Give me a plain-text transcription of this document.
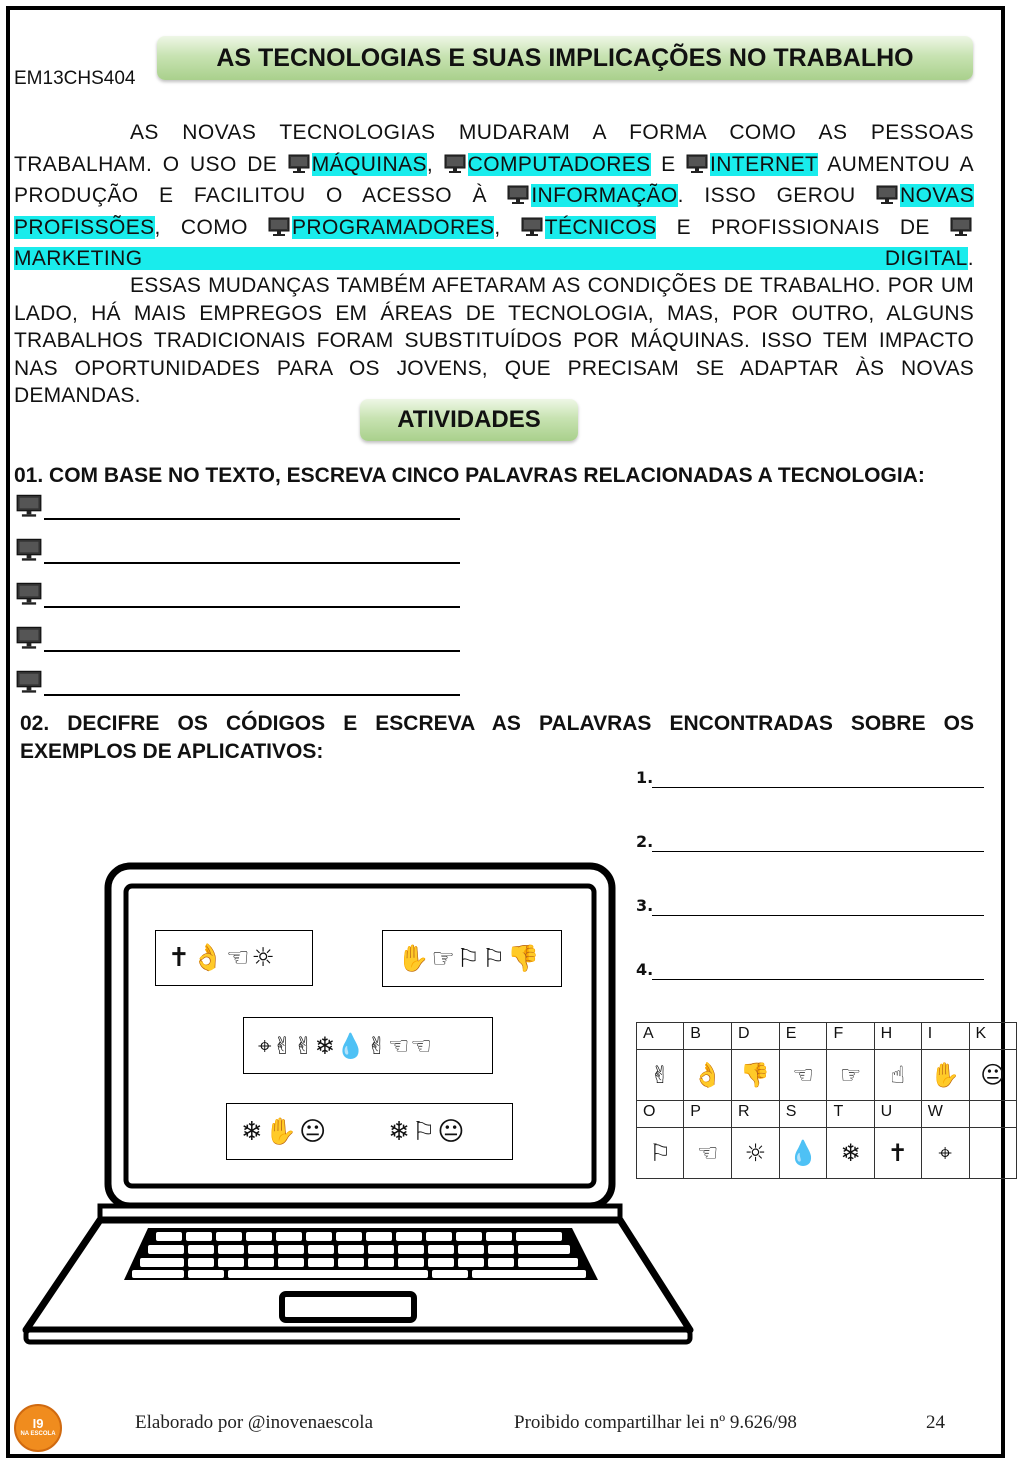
EM13CHS404
AS TECNOLOGIAS E SUAS IMPLICAÇÕES NO TRABALHO
AS NOVAS TECNOLOGIAS MUDARAM A FORMA COMO AS PESSOAS TRABALHAM. O USO DE MÁQUINAS, COMPUTADORES E INTERNET AUMENTOU A PRODUÇÃO E FACILITOU O ACESSO À INFORMAÇÃO. ISSO GEROU NOVAS PROFISSÕES, COMO PROGRAMADORES, TÉCNICOS E PROFISSIONAIS DE MARKETING DIGITAL.
ESSAS MUDANÇAS TAMBÉM AFETARAM AS CONDIÇÕES DE TRABALHO. POR UM LADO, HÁ MAIS EMPREGOS EM ÁREAS DE TECNOLOGIA, MAS, POR OUTRO, ALGUNS TRABALHOS TRADICIONAIS FORAM SUBSTITUÍDOS POR MÁQUINAS. ISSO TEM IMPACTO NAS OPORTUNIDADES PARA OS JOVENS, QUE PRECISAM SE ADAPTAR ÀS NOVAS
DEMANDAS.
ATIVIDADES
01. COM BASE NO TEXTO, ESCREVA CINCO PALAVRAS RELACIONADAS A TECNOLOGIA:
02. DECIFRE OS CÓDIGOS E ESCREVA AS PALAVRAS ENCONTRADAS SOBRE OS EXEMPLOS DE APLICATIVOS:
1.
2.
3.
4.
✝👌☜☼	✋☞⚐⚐👎
⌖✌✌❄💧✌☜☜
❄✋😐 ❄⚐😐
A	B	D	E	F	H	I	K
✌	👌	👎	☜	☞	☝	✋	😐
O	P	R	S	T	U	W	
⚐	☜	☼	💧	❄	✝	⌖	
I9
NA ESCOLA
Elaborado por @inovenaescola	Proibido compartilhar lei nº 9.626/98	24
